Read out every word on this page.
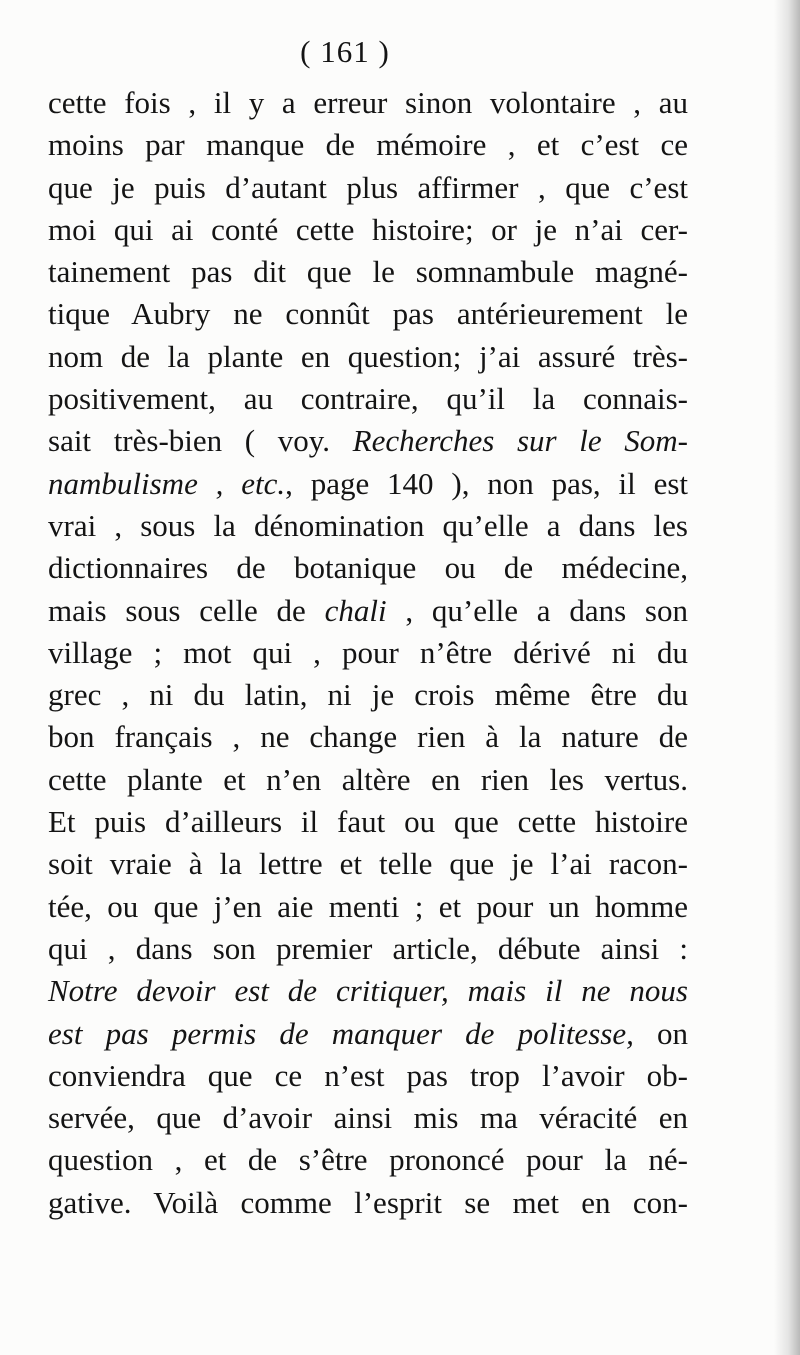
( 161 )
cette fois , il y a erreur sinon volontaire , au
moins par manque de mémoire , et c’est ce
que je puis d’autant plus affirmer , que c’est
moi qui ai conté cette histoire; or je n’ai cer-
tainement pas dit que le somnambule magné-
tique Aubry ne connût pas antérieurement le
nom de la plante en question; j’ai assuré très-
positivement, au contraire, qu’il la connais-
sait très-bien ( voy. Recherches sur le Som-
nambulisme , etc., page 140 ), non pas, il est
vrai , sous la dénomination qu’elle a dans les
dictionnaires de botanique ou de médecine,
mais sous celle de chali , qu’elle a dans son
village ; mot qui , pour n’être dérivé ni du
grec , ni du latin, ni je crois même être du
bon français , ne change rien à la nature de
cette plante et n’en altère en rien les vertus.
Et puis d’ailleurs il faut ou que cette histoire
soit vraie à la lettre et telle que je l’ai racon-
tée, ou que j’en aie menti ; et pour un homme
qui , dans son premier article, débute ainsi :
Notre devoir est de critiquer, mais il ne nous
est pas permis de manquer de politesse, on
conviendra que ce n’est pas trop l’avoir ob-
servée, que d’avoir ainsi mis ma véracité en
question , et de s’être prononcé pour la né-
gative. Voilà comme l’esprit se met en con-
